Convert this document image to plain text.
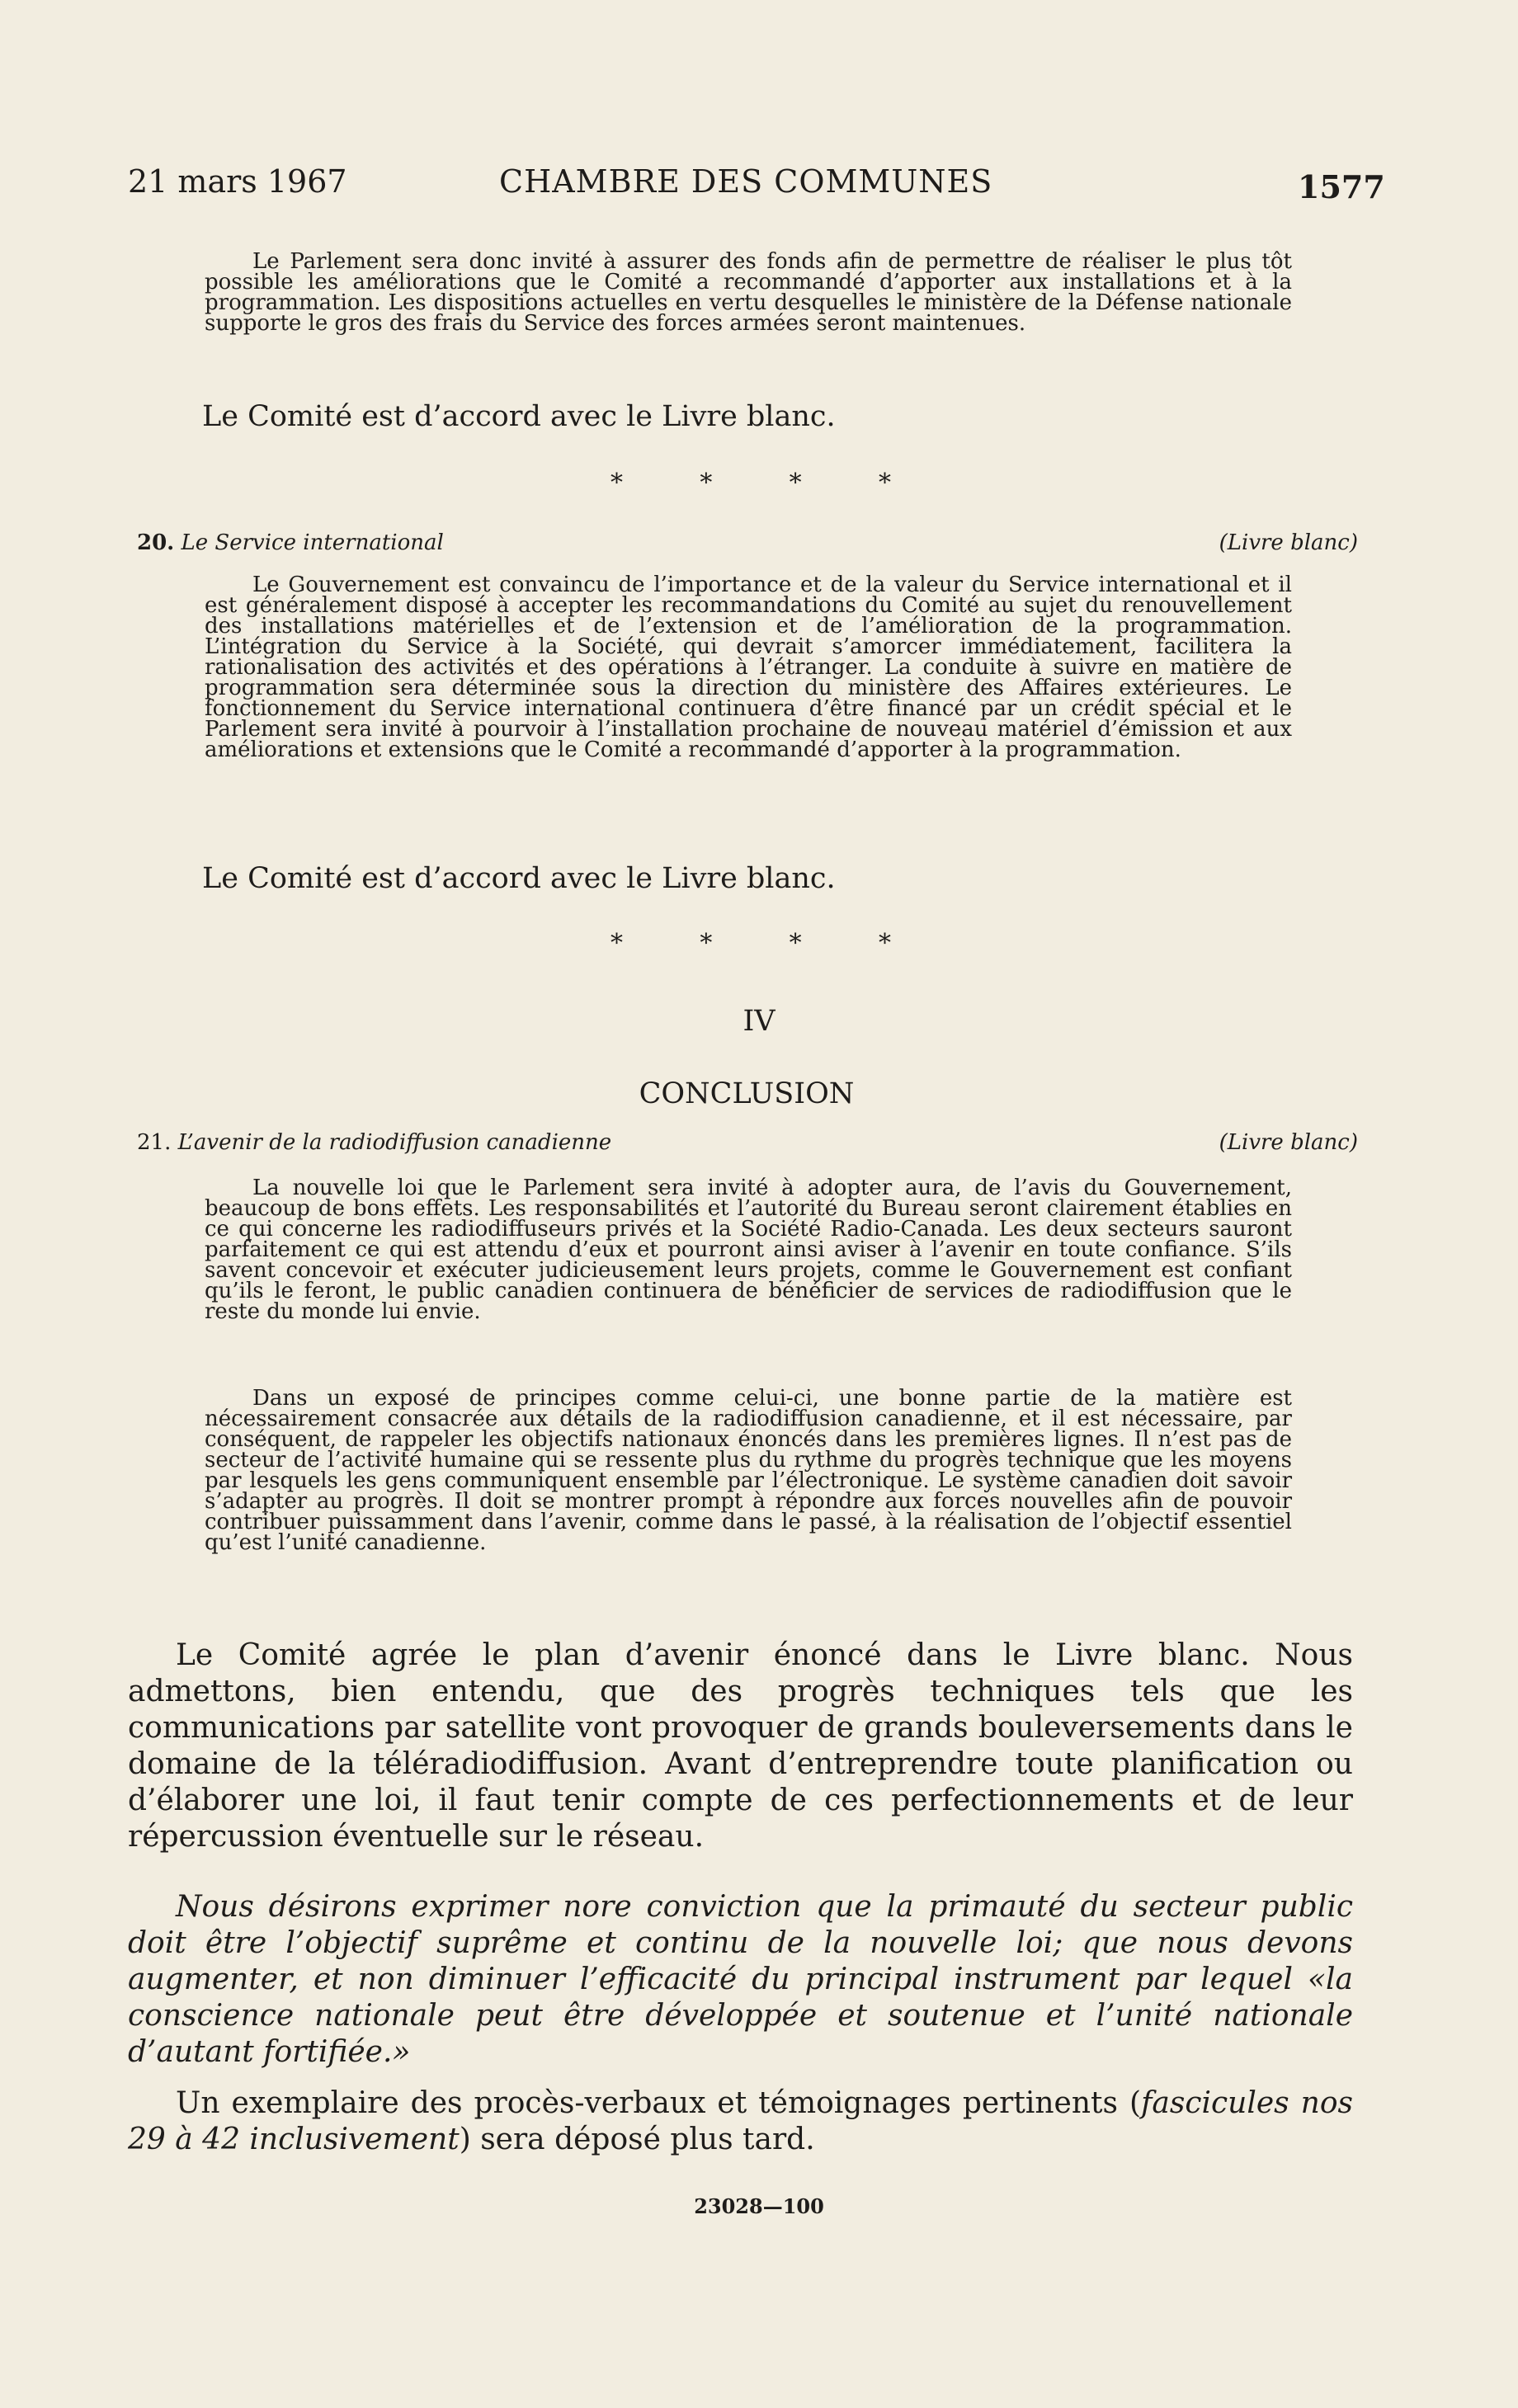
21 mars 1967	CHAMBRE DES COMMUNES	1577

Le Parlement sera donc invité à assurer des fonds afin de permettre de réaliser le plus tôt possible les améliorations que le Comité a recommandé d’apporter aux installations et à la programmation. Les dispositions actuelles en vertu desquelles le ministère de la Défense nationale supporte le gros des frais du Service des forces armées seront maintenues.

Le Comité est d’accord avec le Livre blanc.

*	*	*	*
20. Le Service international	(Livre blanc)

Le Gouvernement est convaincu de l’importance et de la valeur du Service international et il est généralement disposé à accepter les recommandations du Comité au sujet du renouvellement des installations matérielles et de l’extension et de l’amélioration de la programmation. L’intégration du Service à la Société, qui devrait s’amorcer immédiatement, facilitera la rationalisation des activités et des opérations à l’étranger. La conduite à suivre en matière de programmation sera déterminée sous la direction du ministère des Affaires extérieures. Le fonctionnement du Service international continuera d’être financé par un crédit spécial et le Parlement sera invité à pourvoir à l’installation prochaine de nouveau matériel d’émission et aux améliorations et extensions que le Comité a recommandé d’apporter à la programmation.

Le Comité est d’accord avec le Livre blanc.

*	*	*	*

IV

CONCLUSION

21. L’avenir de la radiodiffusion canadienne	(Livre blanc)

La nouvelle loi que le Parlement sera invité à adopter aura, de l’avis du Gouvernement, beaucoup de bons effets. Les responsabilités et l’autorité du Bureau seront clairement établies en ce qui concerne les radiodiffuseurs privés et la Société Radio-Canada. Les deux secteurs sauront parfaitement ce qui est attendu d’eux et pourront ainsi aviser à l’avenir en toute confiance. S’ils savent concevoir et exécuter judicieusement leurs projets, comme le Gouvernement est confiant qu’ils le feront, le public canadien continuera de bénéficier de services de radiodiffusion que le reste du monde lui envie.

Dans un exposé de principes comme celui-ci, une bonne partie de la matière est nécessairement consacrée aux détails de la radiodiffusion canadienne, et il est nécessaire, par conséquent, de rappeler les objectifs nationaux énoncés dans les premières lignes. Il n’est pas de secteur de l’activité humaine qui se ressente plus du rythme du progrès technique que les moyens par lesquels les gens communiquent ensemble par l’électronique. Le système canadien doit savoir s’adapter au progrès. Il doit se montrer prompt à répondre aux forces nouvelles afin de pouvoir contribuer puissamment dans l’avenir, comme dans le passé, à la réalisation de l’objectif essentiel qu’est l’unité canadienne.

Le Comité agrée le plan d’avenir énoncé dans le Livre blanc. Nous admettons, bien entendu, que des progrès techniques tels que les communications par satellite vont provoquer de grands bouleversements dans le domaine de la téléradiodiffusion. Avant d’entreprendre toute planification ou d’élaborer une loi, il faut tenir compte de ces perfectionnements et de leur répercussion éventuelle sur le réseau.

Nous désirons exprimer nore conviction que la primauté du secteur public doit être l’objectif suprême et continu de la nouvelle loi; que nous devons augmenter, et non diminuer l’efficacité du principal instrument par lequel «la conscience nationale peut être développée et soutenue et l’unité nationale d’autant fortifiée.»

Un exemplaire des procès-verbaux et témoignages pertinents (fascicules nos 29 à 42 inclusivement) sera déposé plus tard.

23028—100
